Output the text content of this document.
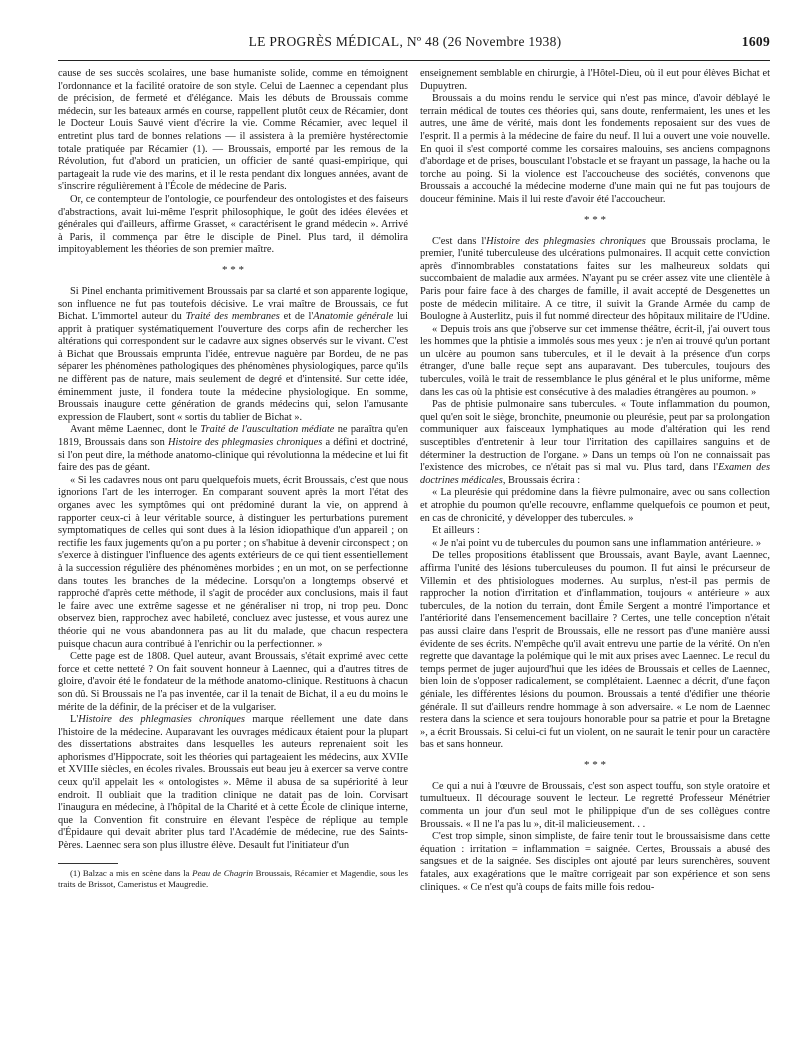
LE PROGRÈS MÉDICAL, Nº 48 (26 Novembre 1938)	1609

cause de ses succès scolaires, une base humaniste solide, comme en témoignent l'ordonnance et la facilité oratoire de son style. Celui de Laennec a cependant plus de précision, de fermeté et d'élégance. Mais les débuts de Broussais comme médecin, sur les bateaux armés en course, rappellent plutôt ceux de Récamier, dont le Docteur Louis Sauvé vient d'écrire la vie. Comme Récamier, avec lequel il entretint plus tard de bonnes relations — il assistera à la première hystérectomie totale pratiquée par Récamier (1). — Broussais, emporté par les remous de la Révolution, fut d'abord un praticien, un officier de santé quasi-empirique, qui partageait la rude vie des marins, et il le resta pendant dix longues années, avant de s'inscrire régulièrement à l'École de médecine de Paris.

Or, ce contempteur de l'ontologie, ce pourfendeur des ontologistes et des faiseurs d'abstractions, avait lui-même l'esprit philosophique, le goût des idées élevées et générales qui d'ailleurs, affirme Grasset, « caractérisent le grand médecin ». Arrivé à Paris, il commença par être le disciple de Pinel. Plus tard, il démolira impitoyablement les théories de son premier maître.

* * *

Si Pinel enchanta primitivement Broussais par sa clarté et son apparente logique, son influence ne fut pas toutefois décisive. Le vrai maître de Broussais, ce fut Bichat. L'immortel auteur du Traité des membranes et de l'Anatomie générale lui apprit à pratiquer systématiquement l'ouverture des corps afin de rechercher les altérations qui correspondent sur le cadavre aux signes observés sur le vivant. C'est à Bichat que Broussais emprunta l'idée, entrevue naguère par Bordeu, de ne pas séparer les phénomènes pathologiques des phénomènes physiologiques, parce qu'ils ne diffèrent pas de nature, mais seulement de degré et d'intensité. Sur cette idée, éminemment juste, il fondera toute la médecine physiologique. En somme, Broussais inaugure cette génération de grands médecins qui, selon l'amusante expression de Flaubert, sont « sortis du tablier de Bichat ».

Avant même Laennec, dont le Traité de l'auscultation médiate ne paraîtra qu'en 1819, Broussais dans son Histoire des phlegmasies chroniques a défini et doctriné, si l'on peut dire, la méthode anatomo-clinique qui révolutionna la médecine et lui fit faire des pas de géant.

« Si les cadavres nous ont paru quelquefois muets, écrit Broussais, c'est que nous ignorions l'art de les interroger. En comparant souvent après la mort l'état des organes avec les symptômes qui ont prédominé durant la vie, on apprend à rapporter ceux-ci à leur véritable source, à distinguer les perturbations purement symptomatiques de celles qui sont dues à la lésion idiopathique d'un appareil ; on rectifie les faux jugements qu'on a pu porter ; on s'habitue à devenir circonspect ; on s'exerce à distinguer l'influence des agents extérieurs de ce qui tient essentiellement à la succession régulière des phénomènes morbides ; en un mot, on se perfectionne dans toutes les branches de la médecine. Lorsqu'on a longtemps observé et rapproché d'après cette méthode, il s'agit de procéder aux conclusions, mais il faut le faire avec une extrême sagesse et ne généraliser ni trop, ni trop peu. Donc observez bien, rapprochez avec habileté, concluez avec justesse, et vous aurez une théorie qui ne vous abandonnera pas au lit du malade, que chacun respectera puisque chacun aura contribué à l'enrichir ou la perfectionner. »

Cette page est de 1808. Quel auteur, avant Broussais, s'était exprimé avec cette force et cette netteté ? On fait souvent honneur à Laennec, qui a d'autres titres de gloire, d'avoir été le fondateur de la méthode anatomo-clinique. Restituons à chacun son dû. Si Broussais ne l'a pas inventée, car il la tenait de Bichat, il a eu du moins le mérite de la définir, de la préciser et de la vulgariser.

L'Histoire des phlegmasies chroniques marque réellement une date dans l'histoire de la médecine. Auparavant les ouvrages médicaux étaient pour la plupart des dissertations abstraites dans lesquelles les auteurs reprenaient soit les aphorismes d'Hippocrate, soit les théories qui partageaient les médecins, aux XVIIe et XVIIIe siècles, en écoles rivales. Broussais eut beau jeu à exercer sa verve contre ceux qu'il appelait les « ontologistes ». Même il abusa de sa supériorité à leur endroit. Il oubliait que la tradition clinique ne datait pas de loin. Corvisart l'inaugura en médecine, à l'hôpital de la Charité et à cette École de clinique interne, que la Convention fit construire en élevant l'espèce de réplique au temple d'Épidaure qui devait abriter plus tard l'Académie de médecine, rue des Saints-Pères. Laennec sera son plus illustre élève. Desault fut l'initiateur d'un

(1) Balzac a mis en scène dans la Peau de Chagrin Broussais, Récamier et Magendie, sous les traits de Brissot, Cameristus et Maugredie.

enseignement semblable en chirurgie, à l'Hôtel-Dieu, où il eut pour élèves Bichat et Dupuytren.

Broussais a du moins rendu le service qui n'est pas mince, d'avoir déblayé le terrain médical de toutes ces théories qui, sans doute, renfermaient, les unes et les autres, une âme de vérité, mais dont les fondements reposaient sur des vues de l'esprit. Il a permis à la médecine de faire du neuf. Il lui a ouvert une voie nouvelle. En quoi il s'est comporté comme les corsaires malouins, ses anciens compagnons d'abordage et de prises, bousculant l'obstacle et se frayant un passage, la hache ou la torche au poing. Si la violence est l'accoucheuse des sociétés, convenons que Broussais a accouché la médecine moderne d'une main qui ne fut pas toujours de douceur féminine. Mais il lui reste d'avoir été l'accoucheur.

* * *

C'est dans l'Histoire des phlegmasies chroniques que Broussais proclama, le premier, l'unité tuberculeuse des ulcérations pulmonaires. Il acquit cette conviction après d'innombrables constatations faites sur les malheureux soldats qui succombaient de maladie aux armées. N'ayant pu se créer assez vite une clientèle à Paris pour faire face à des charges de famille, il avait accepté de Desgenettes un poste de médecin militaire. A ce titre, il suivit la Grande Armée du camp de Boulogne à Austerlitz, puis il fut nommé directeur des hôpitaux militaire de l'Udine.

« Depuis trois ans que j'observe sur cet immense théâtre, écrit-il, j'ai ouvert tous les hommes que la phtisie a immolés sous mes yeux : je n'en ai trouvé qu'un portant un ulcère au poumon sans tubercules, et il le devait à la présence d'un corps étranger, d'une balle reçue sept ans auparavant. Des tubercules, toujours des tubercules, voilà le trait de ressemblance le plus général et le plus uniforme, même dans les cas où la phtisie est consécutive à des maladies étrangères au poumon. »

Pas de phtisie pulmonaire sans tubercules. « Toute inflammation du poumon, quel qu'en soit le siège, bronchite, pneumonie ou pleurésie, peut par sa prolongation communiquer aux faisceaux lymphatiques au mode d'altération qui les rend susceptibles d'entretenir à leur tour l'irritation des capillaires sanguins et de déterminer la destruction de l'organe. » Dans un temps où l'on ne connaissait pas l'existence des microbes, ce n'était pas si mal vu. Plus tard, dans l'Examen des doctrines médicales, Broussais écrira :

« La pleurésie qui prédomine dans la fièvre pulmonaire, avec ou sans collection et atrophie du poumon qu'elle recouvre, enflamme quelquefois ce poumon et peut, en cas de chronicité, y développer des tubercules. »

Et ailleurs :

« Je n'ai point vu de tubercules du poumon sans une inflammation antérieure. »

De telles propositions établissent que Broussais, avant Bayle, avant Laennec, affirma l'unité des lésions tuberculeuses du poumon. Il fut ainsi le précurseur de Villemin et des phtisiologues modernes. Au surplus, n'est-il pas permis de rapprocher la notion d'irritation et d'inflammation, toujours « antérieure » aux tubercules, de la notion du terrain, dont Émile Sergent a montré l'importance et l'antériorité dans l'ensemencement bacillaire ? Certes, une telle conception n'était pas aussi claire dans l'esprit de Broussais, elle ne ressort pas d'une manière aussi évidente de ses écrits. N'empêche qu'il avait entrevu une partie de la vérité. On n'en regrette que davantage la polémique qui le mit aux prises avec Laennec. Le recul du temps permet de juger aujourd'hui que les idées de Broussais et celles de Laennec, bien loin de s'opposer radicalement, se complétaient. Laennec a décrit, d'une façon géniale, les différentes lésions du poumon. Broussais a tenté d'édifier une théorie générale. Il sut d'ailleurs rendre hommage à son adversaire. « Le nom de Laennec restera dans la science et sera toujours honorable pour sa patrie et pour la Bretagne », a écrit Broussais. Si celui-ci fut un violent, on ne saurait le tenir pour un caractère bas et sans honneur.

* * *

Ce qui a nui à l'œuvre de Broussais, c'est son aspect touffu, son style oratoire et tumultueux. Il décourage souvent le lecteur. Le regretté Professeur Ménétrier commenta un jour d'un seul mot le philippique d'un de ses collègues contre Broussais. « Il ne l'a pas lu », dit-il malicieusement. . .

C'est trop simple, sinon simpliste, de faire tenir tout le broussaisisme dans cette équation : irritation = inflammation = saignée. Certes, Broussais a abusé des sangsues et de la saignée. Ses disciples ont ajouté par leurs surenchères, souvent fatales, aux exagérations que le maître corrigeait par son expérience et son sens cliniques. « Ce n'est qu'à coups de faits mille fois redou-
